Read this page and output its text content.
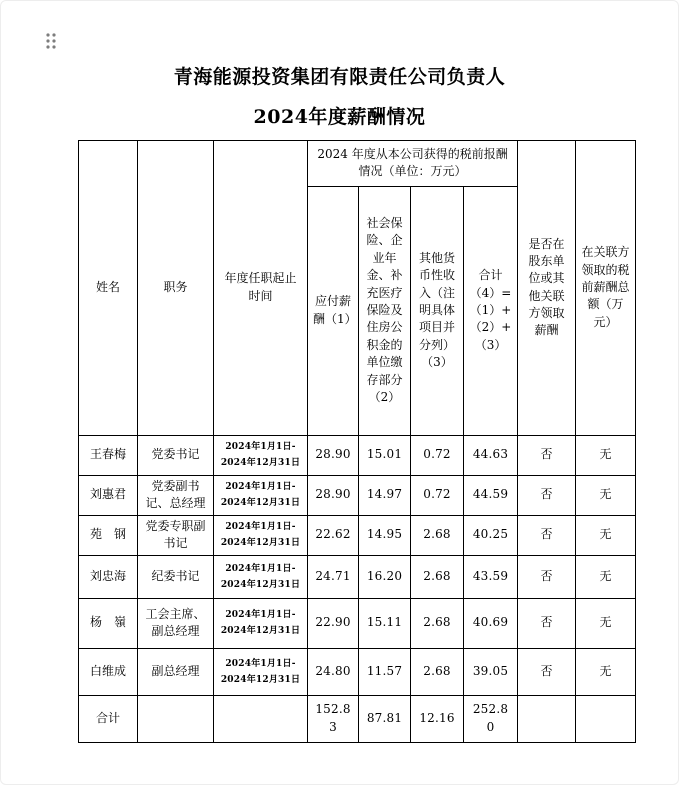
青海能源投资集团有限责任公司负责人
2024年度薪酬情况
姓名	职务	年度任职起止时间	2024 年度从本公司获得的税前报酬情况（单位：万元）				是否在股东单位或其他关联方领取薪酬	在关联方领取的税前薪酬总额（万元）
			应付薪酬（1）	社会保险、企业年金、补充医疗保险及住房公积金的单位缴存部分（2）	其他货币性收入（注明具体项目并分列）（3）	合计（4）=（1）+（2）+（3）		
王春梅	党委书记	2024年1月1日-
2024年12月31日	28.90	15.01	0.72	44.63	否	无
刘惠君	党委副书记、总经理	2024年1月1日-
2024年12月31日	28.90	14.97	0.72	44.59	否	无
苑　钢	党委专职副书记	2024年1月1日-
2024年12月31日	22.62	14.95	2.68	40.25	否	无
刘忠海	纪委书记	2024年1月1日-
2024年12月31日	24.71	16.20	2.68	43.59	否	无
杨　嶺	工会主席、副总经理	2024年1月1日-
2024年12月31日	22.90	15.11	2.68	40.69	否	无
白维成	副总经理	2024年1月1日-
2024年12月31日	24.80	11.57	2.68	39.05	否	无
合计			152.83	87.81	12.16	252.80		
